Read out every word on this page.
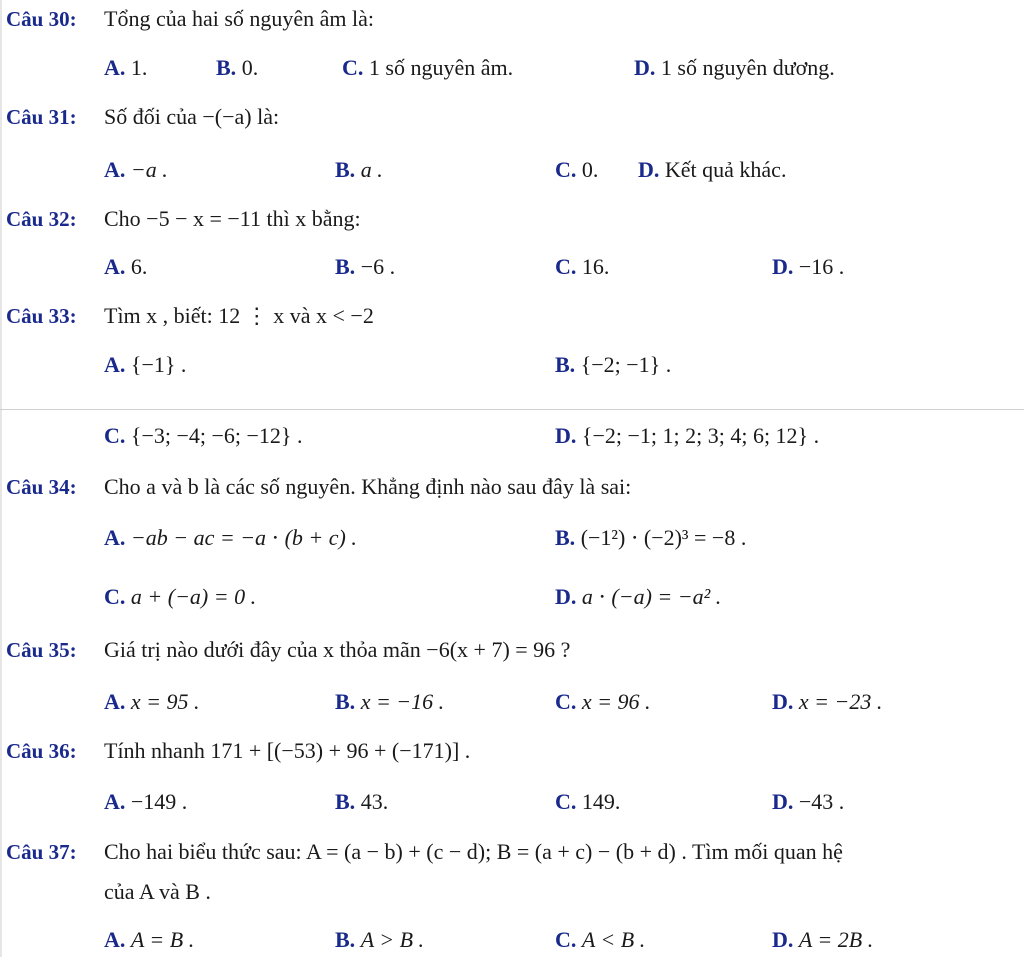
Câu 30: Tổng của hai số nguyên âm là:
A. 1.	B. 0.	C. 1 số nguyên âm.	D. 1 số nguyên dương.
Câu 31: Số đối của −(−a) là:
A. −a .	B. a .	C. 0. D. Kết quả khác.
Câu 32: Cho −5 − x = −11 thì x bằng:
A. 6.	B. −6 .	C. 16.	D. −16 .
Câu 33: Tìm x , biết: 12 ⋮ x và x < −2
A. {−1} .	B. {−2; −1} .
C. {−3; −4; −6; −12} .	D. {−2; −1; 1; 2; 3; 4; 6; 12} .
Câu 34: Cho a và b là các số nguyên. Khẳng định nào sau đây là sai:
A. −ab − ac = −a ⋅ (b + c) .	B. (−1²) ⋅ (−2)³ = −8 .
C. a + (−a) = 0 .	D. a ⋅ (−a) = −a² .
Câu 35: Giá trị nào dưới đây của x thỏa mãn −6(x + 7) = 96 ?
A. x = 95 .	B. x = −16 .	C. x = 96 .	D. x = −23 .
Câu 36: Tính nhanh 171 + [(−53) + 96 + (−171)] .
A. −149 .	B. 43.	C. 149.	D. −43 .
Câu 37: Cho hai biểu thức sau: A = (a − b) + (c − d); B = (a + c) − (b + d) . Tìm mối quan hệ
của A và B .
A. A = B .	B. A > B .	C. A < B .	D. A = 2B .
